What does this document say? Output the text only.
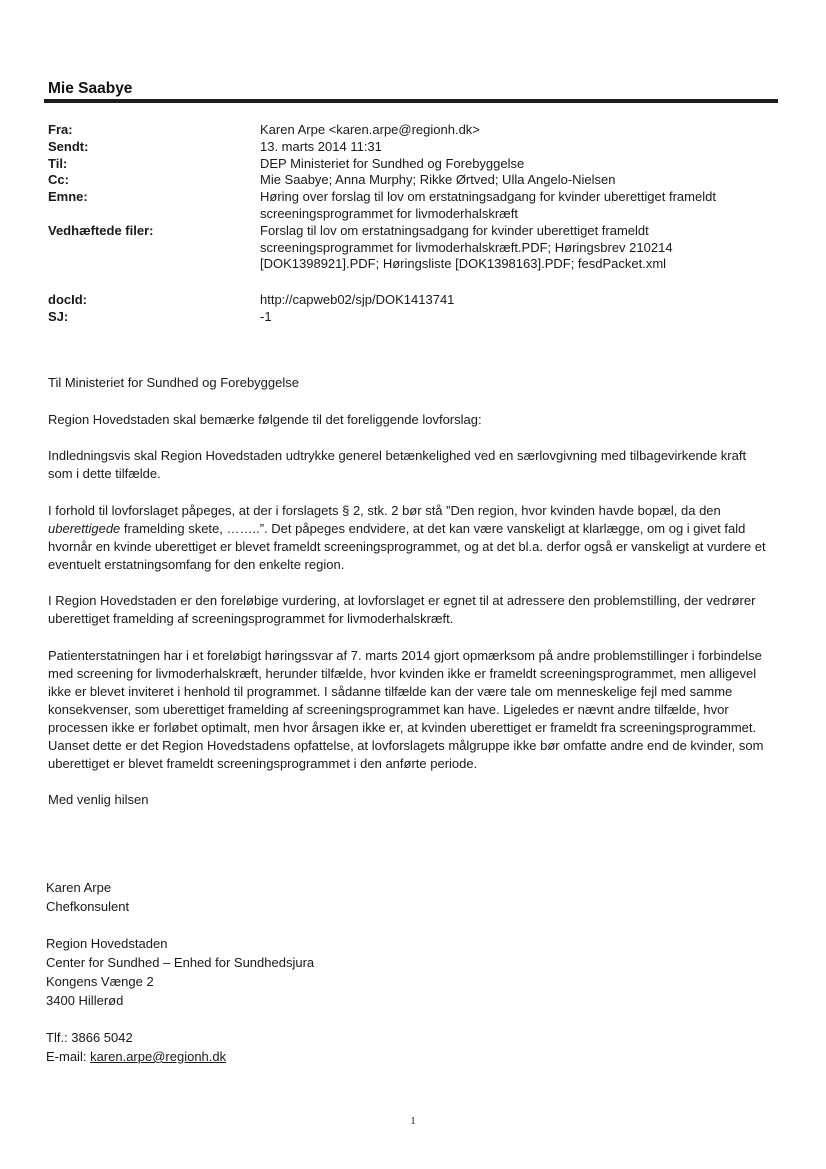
Mie Saabye
Fra:	Karen Arpe <karen.arpe@regionh.dk>
Sendt:	13. marts 2014 11:31
Til:	DEP Ministeriet for Sundhed og Forebyggelse
Cc:	Mie Saabye; Anna Murphy; Rikke Ørtved; Ulla Angelo-Nielsen
Emne:	Høring over forslag til lov om erstatningsadgang for kvinder uberettiget frameldt screeningsprogrammet for livmoderhalskræft
Vedhæftede filer:	Forslag til lov om erstatningsadgang for kvinder uberettiget frameldt screeningsprogrammet for livmoderhalskræft.PDF; Høringsbrev 210214 [DOK1398921].PDF; Høringsliste [DOK1398163].PDF; fesdPacket.xml
docId:	http://capweb02/sjp/DOK1413741
SJ:	-1

Til Ministeriet for Sundhed og Forebyggelse

Region Hovedstaden skal bemærke følgende til det foreliggende lovforslag:

Indledningsvis skal Region Hovedstaden udtrykke generel betænkelighed ved en særlovgivning med tilbagevirkende kraft som i dette tilfælde.

I forhold til lovforslaget påpeges, at der i forslagets § 2, stk. 2 bør stå ”Den region, hvor kvinden havde bopæl, da den uberettigede framelding skete, ……..”. Det påpeges endvidere, at det kan være vanskeligt at klarlægge, om og i givet fald hvornår en kvinde uberettiget er blevet frameldt screeningsprogrammet, og at det bl.a. derfor også er vanskeligt at vurdere et eventuelt erstatningsomfang for den enkelte region.

I Region Hovedstaden er den foreløbige vurdering, at lovforslaget er egnet til at adressere den problemstilling, der vedrører uberettiget framelding af screeningsprogrammet for livmoderhalskræft.

Patienterstatningen har i et foreløbigt høringssvar af 7. marts 2014 gjort opmærksom på andre problemstillinger i forbindelse med screening for livmoderhalskræft, herunder tilfælde, hvor kvinden ikke er frameldt screeningsprogrammet, men alligevel ikke er blevet inviteret i henhold til programmet. I sådanne tilfælde kan der være tale om menneskelige fejl med samme konsekvenser, som uberettiget framelding af screeningsprogrammet kan have. Ligeledes er nævnt andre tilfælde, hvor processen ikke er forløbet optimalt, men hvor årsagen ikke er, at kvinden uberettiget er frameldt fra screeningsprogrammet. Uanset dette er det Region Hovedstadens opfattelse, at lovforslagets målgruppe ikke bør omfatte andre end de kvinder, som uberettiget er blevet frameldt screeningsprogrammet i den anførte periode.

Med venlig hilsen

Karen Arpe
Chefkonsulent
Region Hovedstaden
Center for Sundhed – Enhed for Sundhedsjura
Kongens Vænge 2
3400 Hillerød
Tlf.: 3866 5042
E-mail: karen.arpe@regionh.dk
1
